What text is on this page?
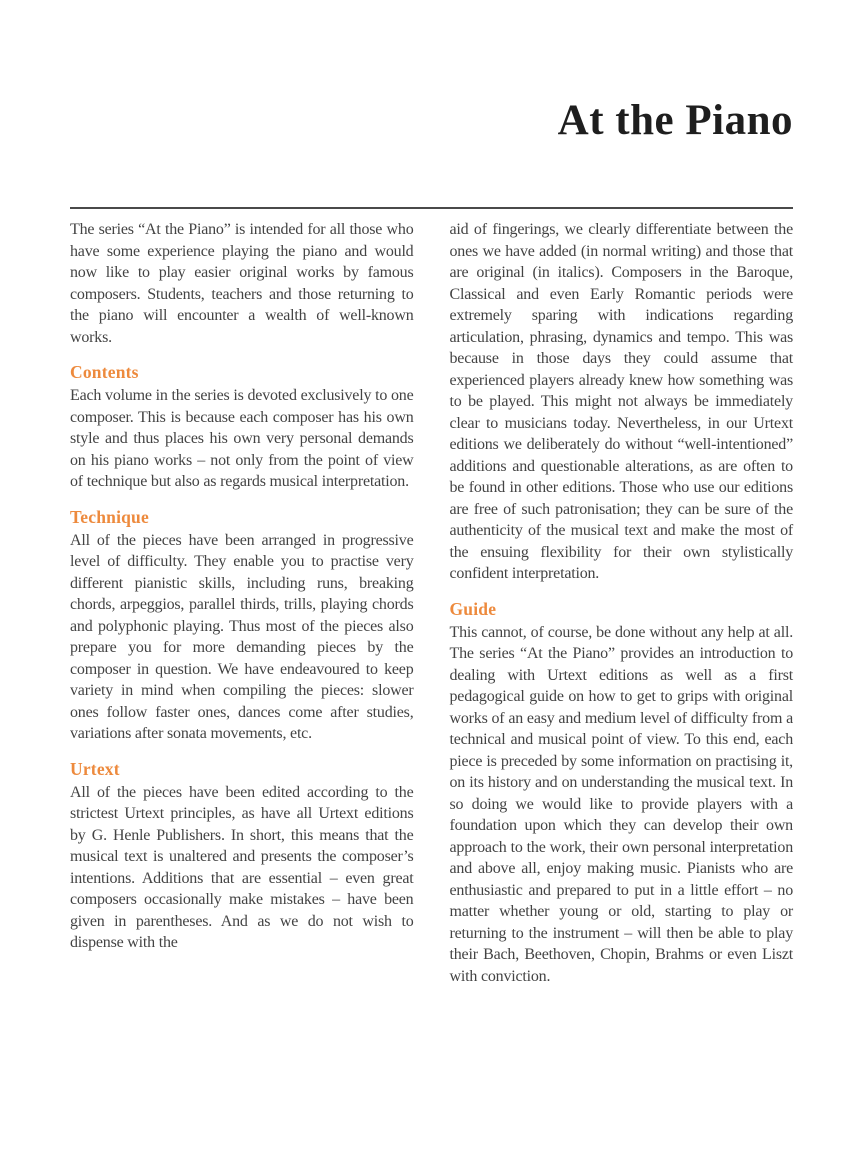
At the Piano

The series “At the Piano” is intended for all those who have some experience playing the piano and would now like to play easier original works by famous composers. Students, teachers and those returning to the piano will encounter a wealth of well-known works.

Contents

Each volume in the series is devoted exclusively to one composer. This is because each composer has his own style and thus places his own very personal demands on his piano works – not only from the point of view of technique but also as regards musical interpretation.

Technique

All of the pieces have been arranged in progressive level of difficulty. They enable you to practise very different pianistic skills, including runs, breaking chords, arpeggios, parallel thirds, trills, playing chords and polyphonic playing. Thus most of the pieces also prepare you for more demanding pieces by the composer in question. We have endeavoured to keep variety in mind when compiling the pieces: slower ones follow faster ones, dances come after studies, variations after sonata movements, etc.

Urtext

All of the pieces have been edited according to the strictest Urtext principles, as have all Urtext editions by G. Henle Publishers. In short, this means that the musical text is unaltered and presents the composer’s intentions. Additions that are essential – even great composers occasionally make mistakes – have been given in parentheses. And as we do not wish to dispense with the

aid of fingerings, we clearly differentiate between the ones we have added (in normal writing) and those that are original (in italics). Composers in the Baroque, Classical and even Early Romantic periods were extremely sparing with indications regarding articulation, phrasing, dynamics and tempo. This was because in those days they could assume that experienced players already knew how something was to be played. This might not always be immediately clear to musicians today. Nevertheless, in our Urtext editions we deliberately do without “well-intentioned” additions and questionable alterations, as are often to be found in other editions. Those who use our editions are free of such patronisation; they can be sure of the authenticity of the musical text and make the most of the ensuing flexibility for their own stylistically confident interpretation.

Guide

This cannot, of course, be done without any help at all. The series “At the Piano” provides an introduction to dealing with Urtext editions as well as a first pedagogical guide on how to get to grips with original works of an easy and medium level of difficulty from a technical and musical point of view. To this end, each piece is preceded by some information on practising it, on its history and on understanding the musical text. In so doing we would like to provide players with a foundation upon which they can develop their own approach to the work, their own personal interpretation and above all, enjoy making music. Pianists who are enthusiastic and prepared to put in a little effort – no matter whether young or old, starting to play or returning to the instrument – will then be able to play their Bach, Beethoven, Chopin, Brahms or even Liszt with conviction.
